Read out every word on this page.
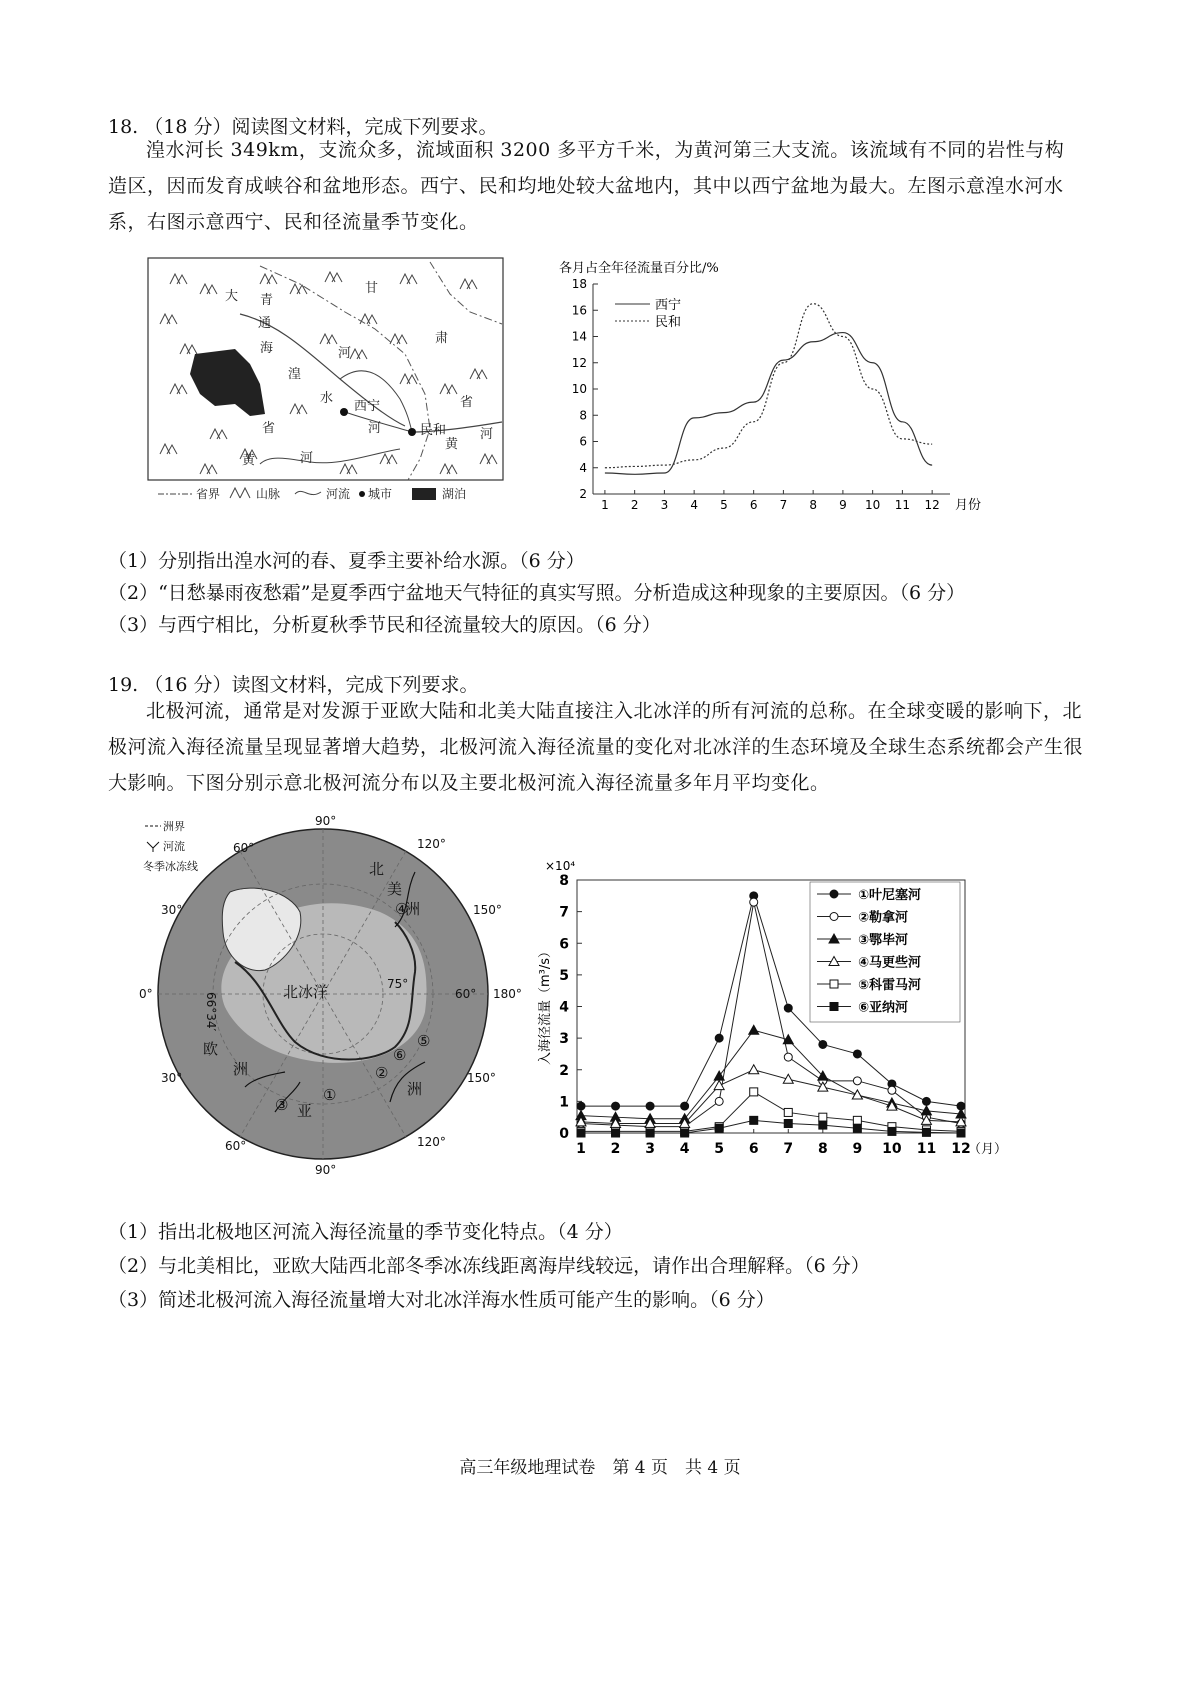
18. （18 分）阅读图文材料，完成下列要求。
湟水河长 349km，支流众多，流域面积 3200 多平方千米，为黄河第三大支流。该流域有不同的岩性与构造区，因而发育成峡谷和盆地形态。西宁、民和均地处较大盆地内，其中以西宁盆地为最大。左图示意湟水河水系，右图示意西宁、民和径流量季节变化。
大 青
通
海
湟
河
水
西宁
河
甘
肃
省
省	民和
黄
河
黄	河
省界	山脉	河流 城市	湖泊
各月占全年径流量百分比/%
2
4
6
8
10
12
14
16
18
1 2 3 4 5 6 7 8 9 10 11 12 月份
西宁
民和
（1）分别指出湟水河的春、夏季主要补给水源。（6 分）
（2）“日愁暴雨夜愁霜”是夏季西宁盆地天气特征的真实写照。分析造成这种现象的主要原因。（6 分）
（3）与西宁相比，分析夏秋季节民和径流量较大的原因。（6 分）
19. （16 分）读图文材料，完成下列要求。
北极河流，通常是对发源于亚欧大陆和北美大陆直接注入北冰洋的所有河流的总称。在全球变暖的影响下，北极河流入海径流量呈现显著增大趋势，北极河流入海径流量的变化对北冰洋的生态环境及全球生态系统都会产生很大影响。下图分别示意北极河流分布以及主要北极河流入海径流量多年月平均变化。
90°
90°
0°	180°
60°	120°
30°	150°
60°
150°
60°	120°
30°
66°34′
75°
北冰洋
北
美
洲
欧
洲
亚
洲
④
⑤
⑥
②
①
③
洲界
河流
冬季冰冻线	×10⁴
入海径流量（m³/s）
0
1
2
3
4
5
6
7
8
1 2 3 4 5 6 7 8 9 10 11 12
（月）
①叶尼塞河
②勒拿河
③鄂毕河
④马更些河
⑤科雷马河
⑥亚纳河
（1）指出北极地区河流入海径流量的季节变化特点。（4 分）
（2）与北美相比，亚欧大陆西北部冬季冰冻线距离海岸线较远，请作出合理解释。（6 分）
（3）简述北极河流入海径流量增大对北冰洋海水性质可能产生的影响。（6 分）
高三年级地理试卷　第 4 页　共 4 页
